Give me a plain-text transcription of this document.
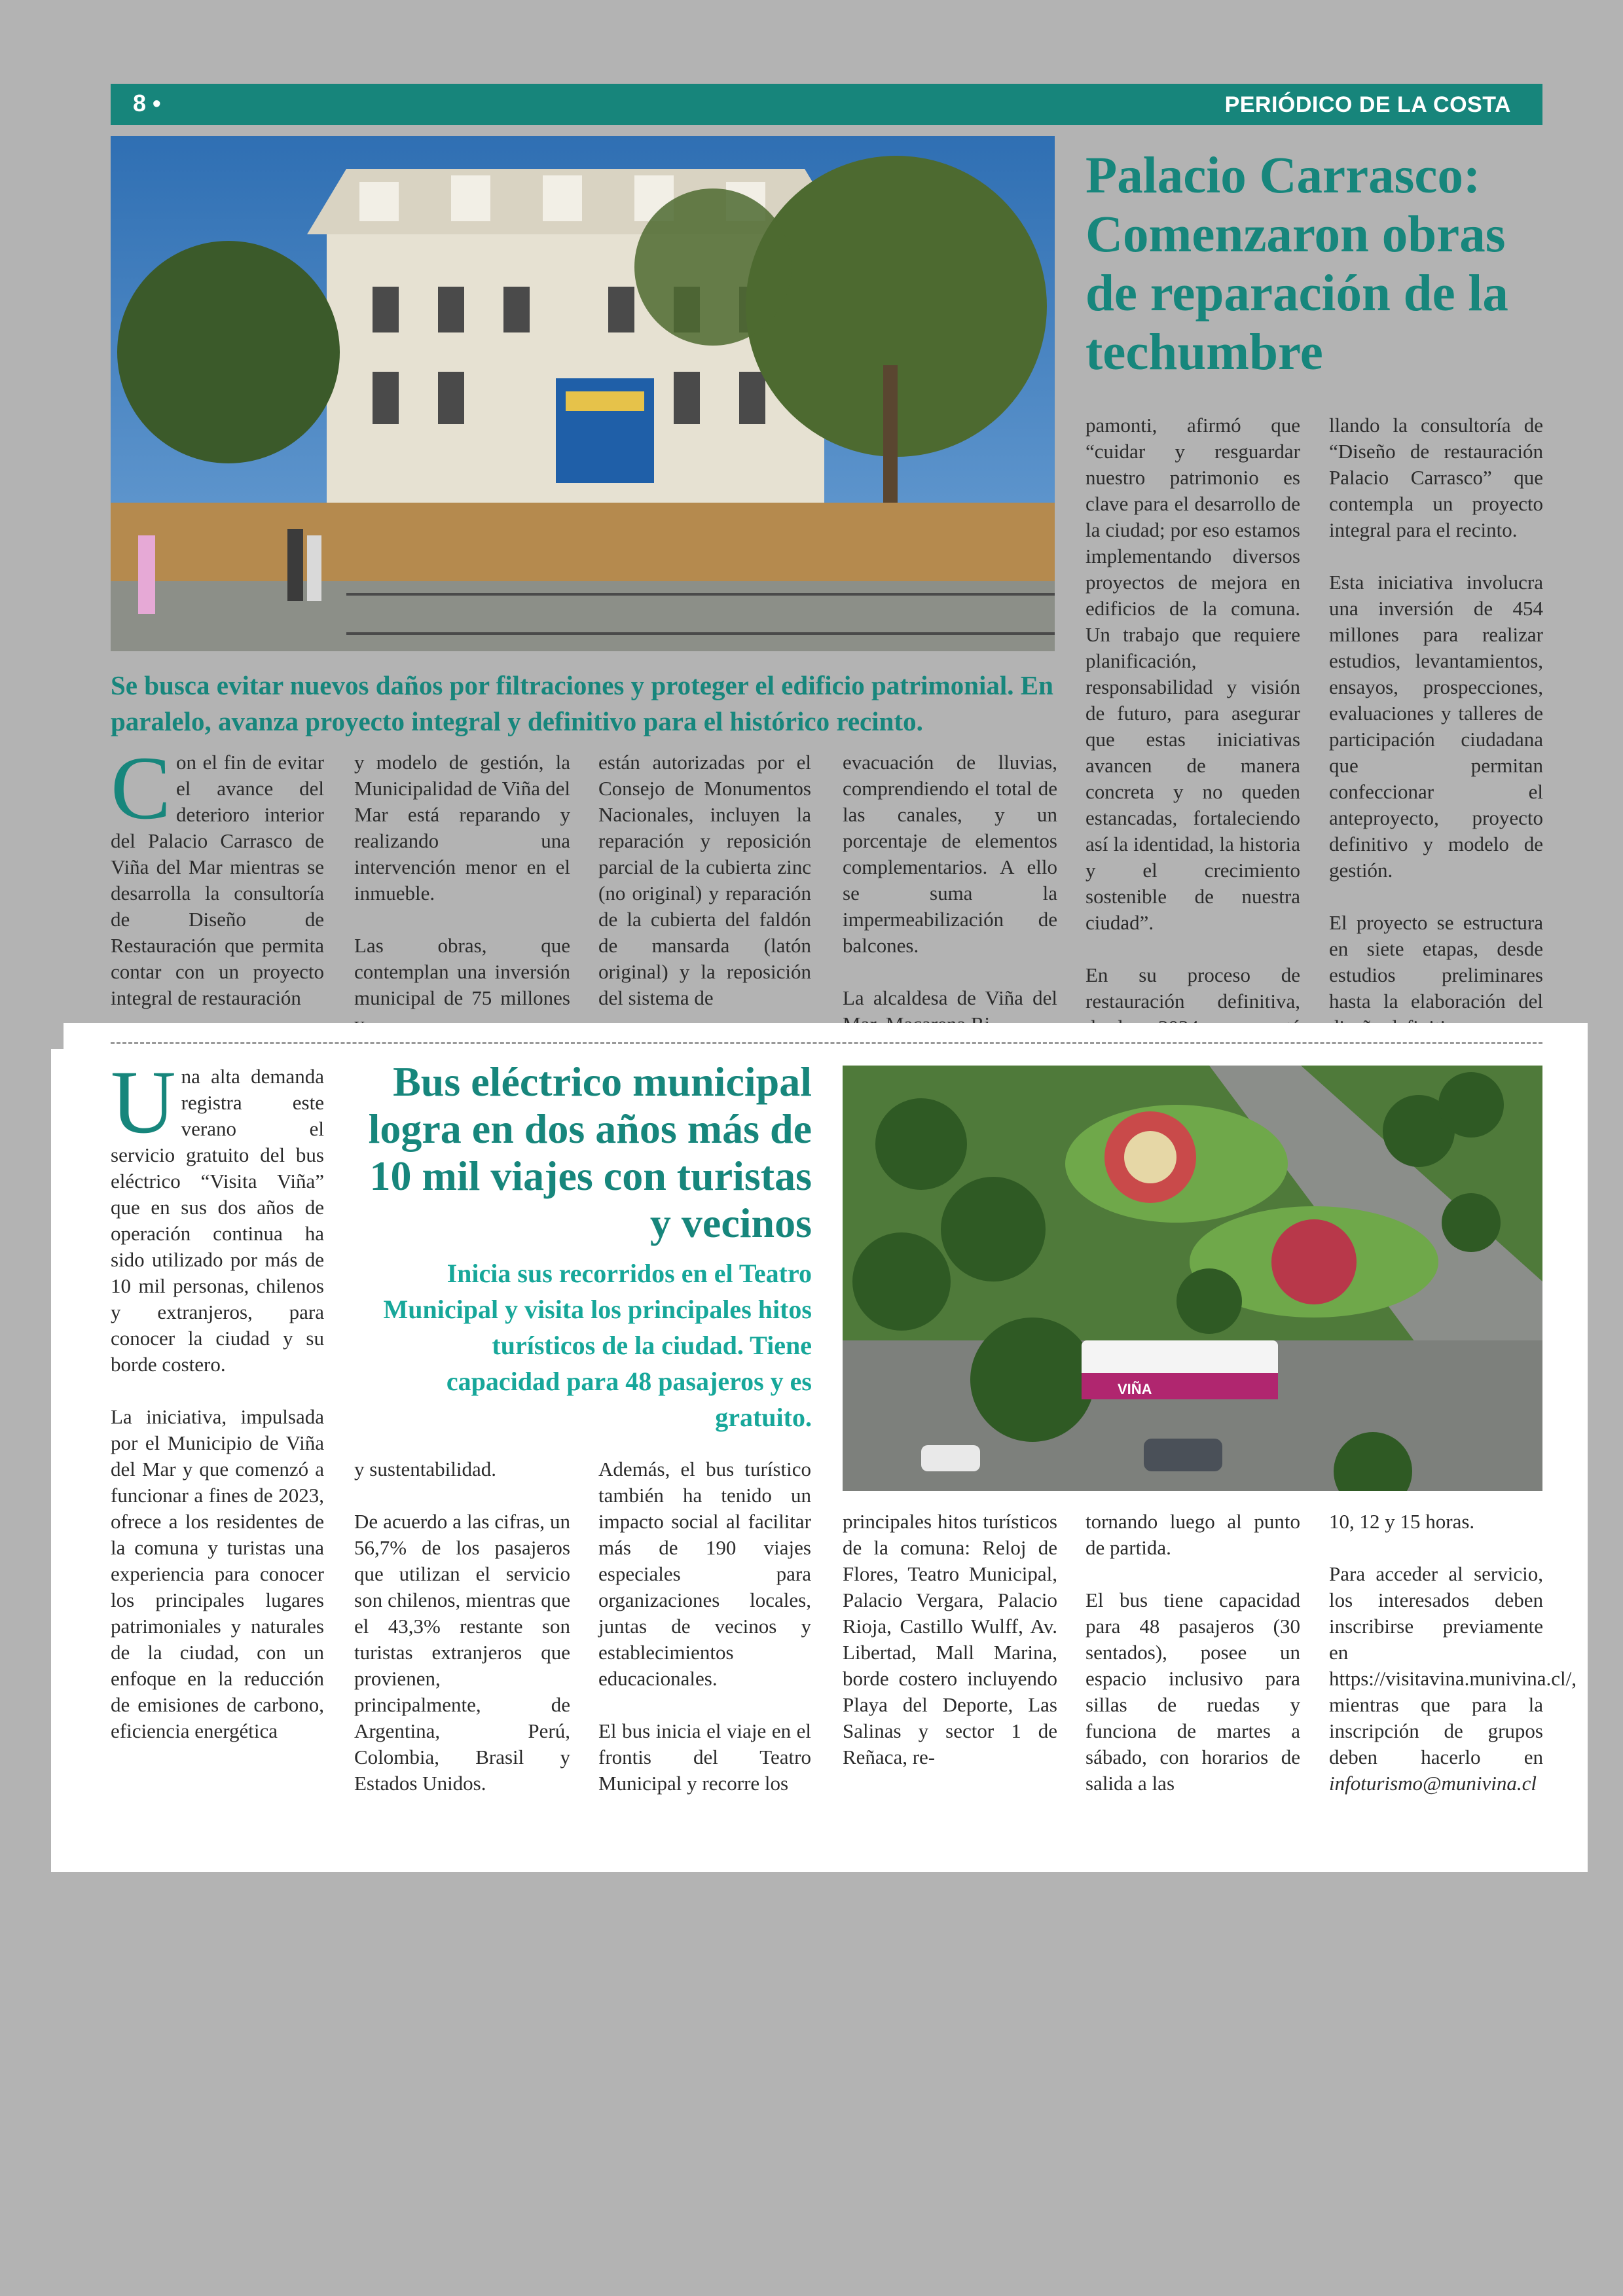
8 •	PERIÓDICO DE LA COSTA
Palacio Carrasco: Comenzaron obras de reparación de la techumbre
Se busca evitar nuevos daños por filtraciones y proteger el edificio patrimonial. En paralelo, avanza proyecto integral y definitivo para el histórico recinto.

Con el fin de evitar el avance del deterioro interior del Palacio Carrasco de Viña del Mar mientras se desarrolla la consultoría de Diseño de Restauración que permita contar con un proyecto integral de restauración

y modelo de gestión, la Municipalidad de Viña del Mar está reparando y realizando una intervención menor en el inmueble.

Las obras, que contemplan una inversión municipal de 75 millones

están autorizadas por el Consejo de Monumentos Nacionales, incluyen la reparación y reposición parcial de la cubierta zinc (no original) y reparación de la cubierta del faldón de mansarda (latón original) y la reposición del sistema de

evacuación de lluvias, comprendiendo el total de las canales, y un porcentaje de elementos complementarios. A ello se suma la impermeabilización de balcones.

La alcaldesa de Viña del

pamonti, afirmó que “cuidar y resguardar nuestro patrimonio es clave para el desarrollo de la ciudad; por eso estamos implementando diversos proyectos de mejora en edificios de la comuna. Un trabajo que requiere planificación, responsabilidad y visión de futuro, para asegurar que estas iniciativas avancen de manera concreta y no queden estancadas, fortaleciendo así la identidad, la historia y el crecimiento sostenible de nuestra ciudad”.

En su proceso de restauración definitiva,

llando la consultoría de “Diseño de restauración Palacio Carrasco” que contempla un proyecto integral para el recinto.

Esta iniciativa involucra una inversión de 454 millones para realizar estudios, levantamientos, ensayos, prospecciones, evaluaciones y talleres de participación ciudadana que permitan confeccionar el anteproyecto, proyecto definitivo y modelo de gestión.

El proyecto se estructura en siete etapas, desde estudios preliminares hasta la elaboración del

Bus eléctrico municipal logra en dos años más de 10 mil viajes con turistas y vecinos
Inicia sus recorridos en el Teatro Municipal y visita los principales hitos turísticos de la ciudad. Tiene capacidad para 48 pasajeros y es gratuito.
VIÑA

Una alta demanda registra este verano el servicio gratuito del bus eléctrico “Visita Viña” que en sus dos años de operación continua ha sido utilizado por más de 10 mil personas, chilenos y extranjeros, para conocer la ciudad y su borde costero.

La iniciativa, impulsada por el Municipio de Viña del Mar y que comenzó a funcionar a fines de 2023, ofrece a los residentes de la comuna y turistas una experiencia para conocer los principales lugares patrimoniales y naturales de la ciudad, con un enfoque en la reducción de emisiones de carbono, eficiencia energética

y sustentabilidad.

De acuerdo a las cifras, un 56,7% de los pasajeros que utilizan el servicio son chilenos, mientras que el 43,3% restante son turistas extranjeros que provienen, principalmente, de Argentina, Perú, Colombia, Brasil y Estados Unidos.

Además, el bus turístico también ha tenido un impacto social al facilitar más de 190 viajes especiales para organizaciones locales, juntas de vecinos y establecimientos educacionales.

El bus inicia el viaje en el frontis del Teatro Municipal y recorre los

principales hitos turísticos de la comuna: Reloj de Flores, Teatro Municipal, Palacio Vergara, Palacio Rioja, Castillo Wulff, Av. Libertad, Mall Marina, borde costero incluyendo Playa del Deporte, Las Salinas y sector 1 de Reñaca, re-

tornando luego al punto de partida.

El bus tiene capacidad para 48 pasajeros (30 sentados), posee un espacio inclusivo para sillas de ruedas y funciona de martes a sábado, con horarios de salida a las

10, 12 y 15 horas.

Para acceder al servicio, los interesados deben inscribirse previamente en https://visitavina.munivina.cl/, mientras que para la inscripción de grupos deben hacerlo en infoturismo@munivina.cl
